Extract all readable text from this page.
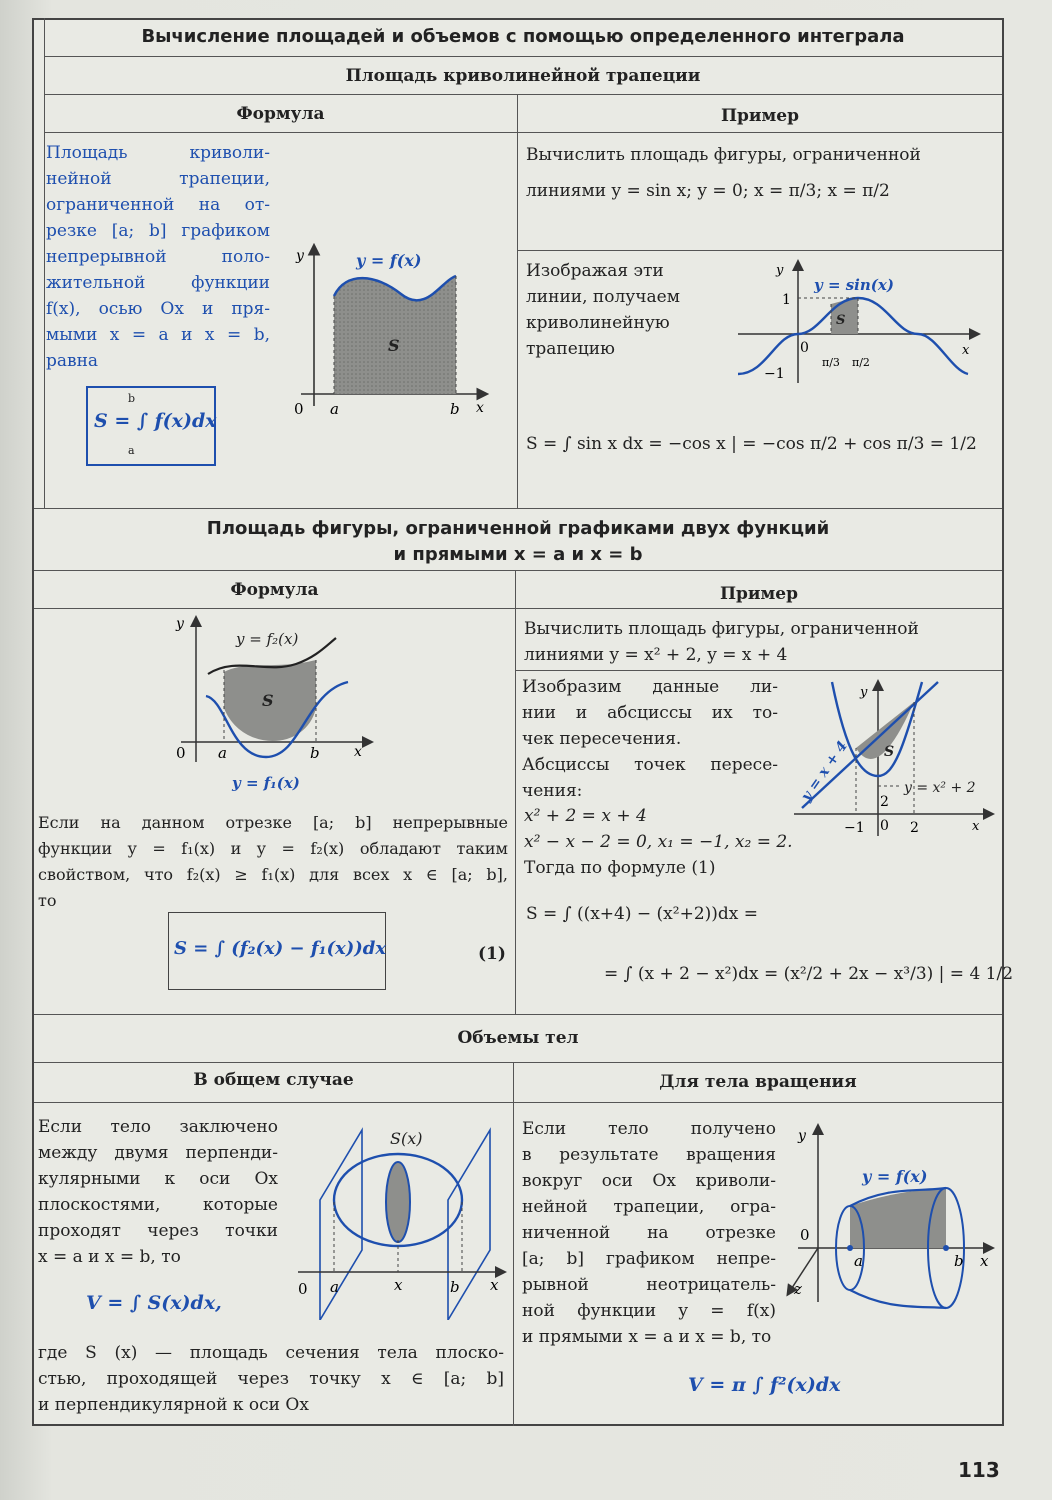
Вычисление площадей и объемов с помощью определенного интеграла
Площадь криволинейной трапеции
Формула	Пример
Площадь криволи-
нейной трапеции,
ограниченной на от-
резке [a; b] графиком
непрерывной поло-
жительной функции
f(x), осью Ox и пря-
мыми x = a и x = b,
равна
S = ∫ f(x)dx
b
a
y = f(x)
S
y
x
0 a	b
Вычислить площадь фигуры, ограниченной
линиями y = sin x; y = 0; x = π/3; x = π/2
Изображая эти
линии, получаем
криволинейную
трапецию
y = sin(x)
S
y
x
1
−1
0
π/3 π/2
S = ∫ sin x dx = −cos x | = −cos π/2 + cos π/3 = 1/2
Площадь фигуры, ограниченной графиками двух функций
и прямыми x = a и x = b
Формула	Пример
y = f₂(x)
y = f₁(x)
S
y
x
0 a	b
Если на данном отрезке [a; b] непрерывные
функции y = f₁(x) и y = f₂(x) обладают таким
свойством, что f₂(x) ≥ f₁(x) для всех x ∈ [a; b],
то
S = ∫ (f₂(x) − f₁(x))dx	(1)
Вычислить площадь фигуры, ограниченной
линиями y = x² + 2, y = x + 4
Изобразим данные ли-
нии и абсциссы их то-
чек пересечения.
Абсциссы точек пересе-
чения:
x² + 2 = x + 4
x² − x − 2 = 0, x₁ = −1, x₂ = 2.
Тогда по формуле (1)
S = ∫ ((x+4) − (x²+2))dx =
= ∫ (x + 2 − x²)dx = (x²/2 + 2x − x³/3) | = 4 1/2
y = x + 4	y = x² + 2
S
y
x
2
−1 0 2
Объемы тел
В общем случае	Для тела вращения
Если тело заключено
между двумя перпенди-
кулярными к оси Ox
плоскостями, которые
проходят через точки
x = a и x = b, то
V = ∫ S(x)dx,
где S (x) — площадь сечения тела плоско-
стью, проходящей через точку x ∈ [a; b]
и перпендикулярной к оси Ox
S(x)
0 a	x	b x
Если тело получено
в результате вращения
вокруг оси Ox криволи-
нейной трапеции, огра-
ниченной на отрезке
[a; b] графиком непре-
рывной неотрицатель-
ной функции y = f(x)
и прямыми x = a и x = b, то
V = π ∫ f²(x)dx
y = f(x)
y
0
a	b x
z
113
